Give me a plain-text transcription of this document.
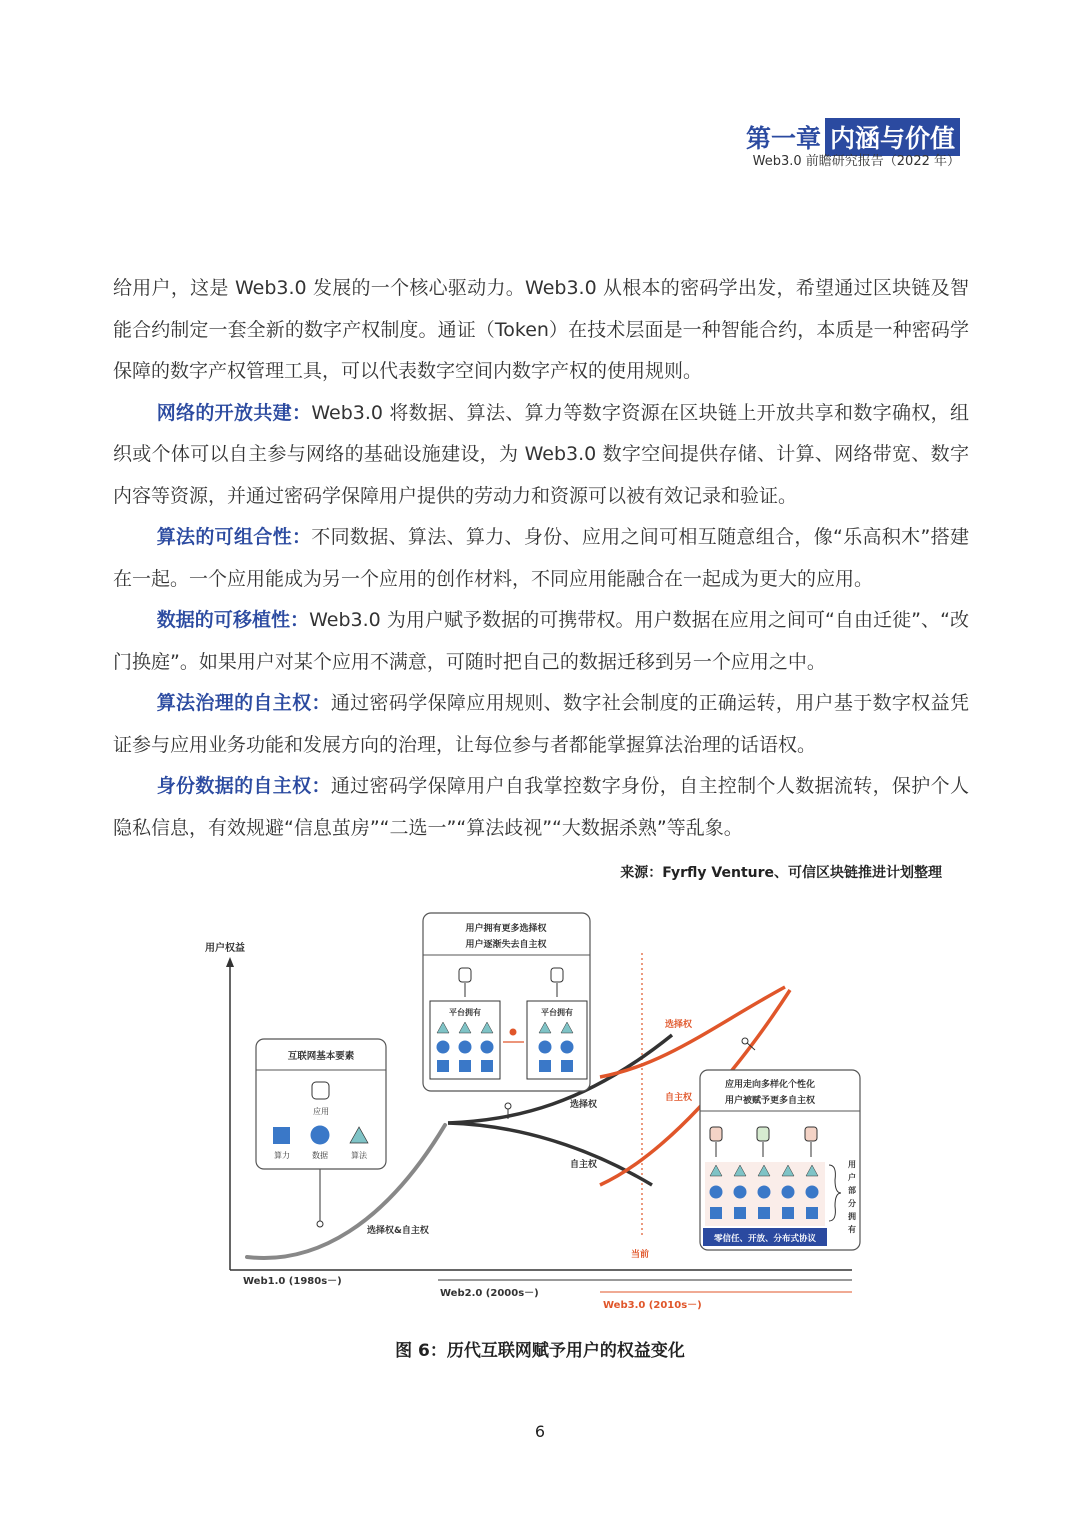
第一章 内涵与价值
Web3.0 前瞻研究报告（2022 年）

给用户，这是 Web3.0 发展的一个核心驱动力。Web3.0 从根本的密码学出发，希望通过区块链及智能合约制定一套全新的数字产权制度。通证（Token）在技术层面是一种智能合约，本质是一种密码学保障的数字产权管理工具，可以代表数字空间内数字产权的使用规则。

网络的开放共建：Web3.0 将数据、算法、算力等数字资源在区块链上开放共享和数字确权，组织或个体可以自主参与网络的基础设施建设，为 Web3.0 数字空间提供存储、计算、网络带宽、数字内容等资源，并通过密码学保障用户提供的劳动力和资源可以被有效记录和验证。

算法的可组合性：不同数据、算法、算力、身份、应用之间可相互随意组合，像“乐高积木”搭建在一起。一个应用能成为另一个应用的创作材料，不同应用能融合在一起成为更大的应用。

数据的可移植性：Web3.0 为用户赋予数据的可携带权。用户数据在应用之间可“自由迁徙”、“改门换庭”。如果用户对某个应用不满意，可随时把自己的数据迁移到另一个应用之中。

算法治理的自主权：通过密码学保障应用规则、数字社会制度的正确运转，用户基于数字权益凭证参与应用业务功能和发展方向的治理，让每位参与者都能掌握算法治理的话语权。

身份数据的自主权：通过密码学保障用户自我掌控数字身份，自主控制个人数据流转，保护个人隐私信息，有效规避“信息茧房”“二选一”“算法歧视”“大数据杀熟”等乱象。

来源：Fyrfly Venture、可信区块链推进计划整理
用户权益
Web1.0 (1980s－)
Web2.0 (2000s－)
Web3.0 (2010s－)
当前
选择权&自主权
选择权
自主权
选择权
自主权
互联网基本要素
应用
算力	数据	算法
用户拥有更多选择权
用户逐渐失去自主权
平台拥有	平台拥有
应用走向多样化个性化
用户被赋予更多自主权
用
户
部
分
拥
有
零信任、开放、分布式协议
图 6：历代互联网赋予用户的权益变化
6
